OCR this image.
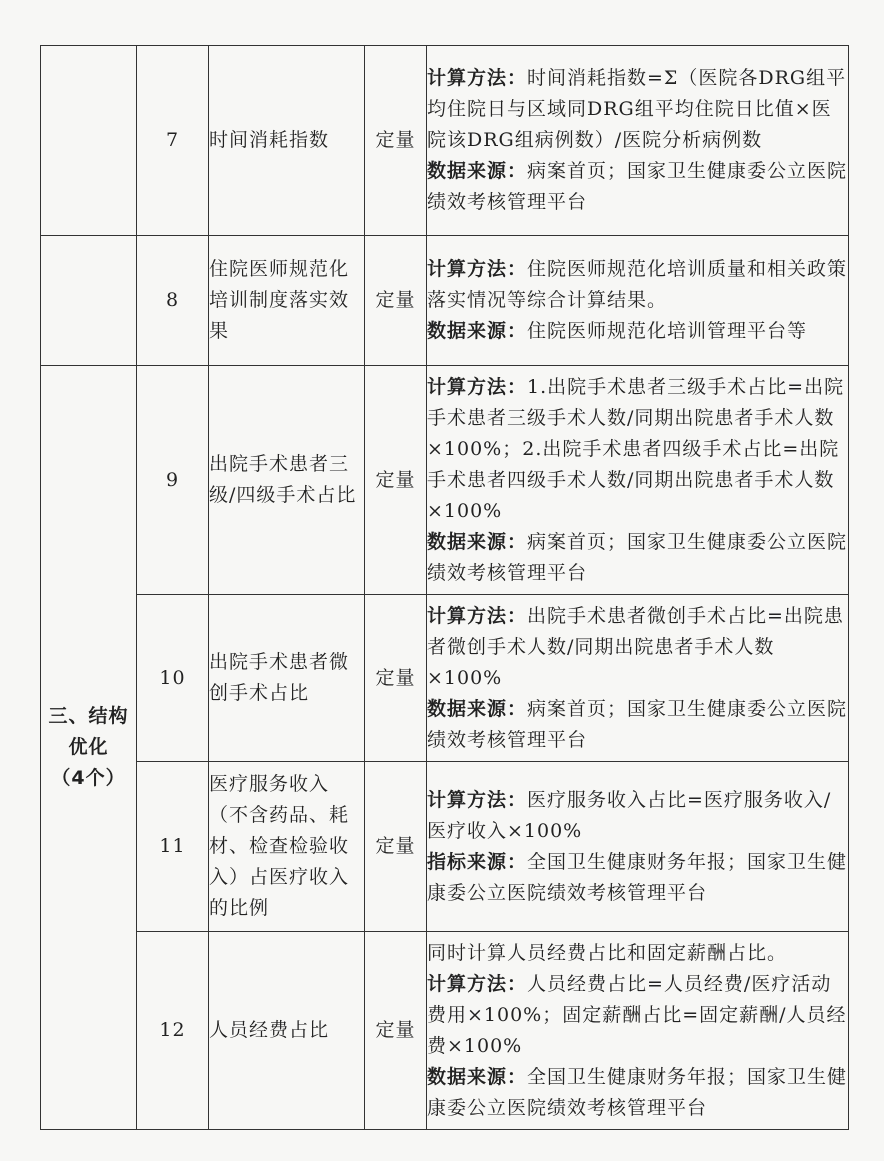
	7	时间消耗指数	定量	计算方法：时间消耗指数=Σ（医院各DRG组平均住院日与区域同DRG组平均住院日比值×医院该DRG组病例数）/医院分析病例数
数据来源：病案首页；国家卫生健康委公立医院绩效考核管理平台
	8	住院医师规范化培训制度落实效果	定量	计算方法：住院医师规范化培训质量和相关政策落实情况等综合计算结果。
数据来源：住院医师规范化培训管理平台等

三、结构
优化
（4个）	9	出院手术患者三级/四级手术占比	定量	计算方法：1.出院手术患者三级手术占比=出院手术患者三级手术人数/同期出院患者手术人数×100%；2.出院手术患者四级手术占比=出院手术患者四级手术人数/同期出院患者手术人数×100%
数据来源：病案首页；国家卫生健康委公立医院绩效考核管理平台
	10	出院手术患者微创手术占比	定量	计算方法：出院手术患者微创手术占比=出院患者微创手术人数/同期出院患者手术人数×100%
数据来源：病案首页；国家卫生健康委公立医院绩效考核管理平台
	11	医疗服务收入（不含药品、耗材、检查检验收入）占医疗收入的比例	定量	计算方法：医疗服务收入占比=医疗服务收入/医疗收入×100%
指标来源：全国卫生健康财务年报；国家卫生健康委公立医院绩效考核管理平台
	12	人员经费占比	定量	同时计算人员经费占比和固定薪酬占比。
计算方法：人员经费占比=人员经费/医疗活动费用×100%；固定薪酬占比=固定薪酬/人员经费×100%
数据来源：全国卫生健康财务年报；国家卫生健康委公立医院绩效考核管理平台
